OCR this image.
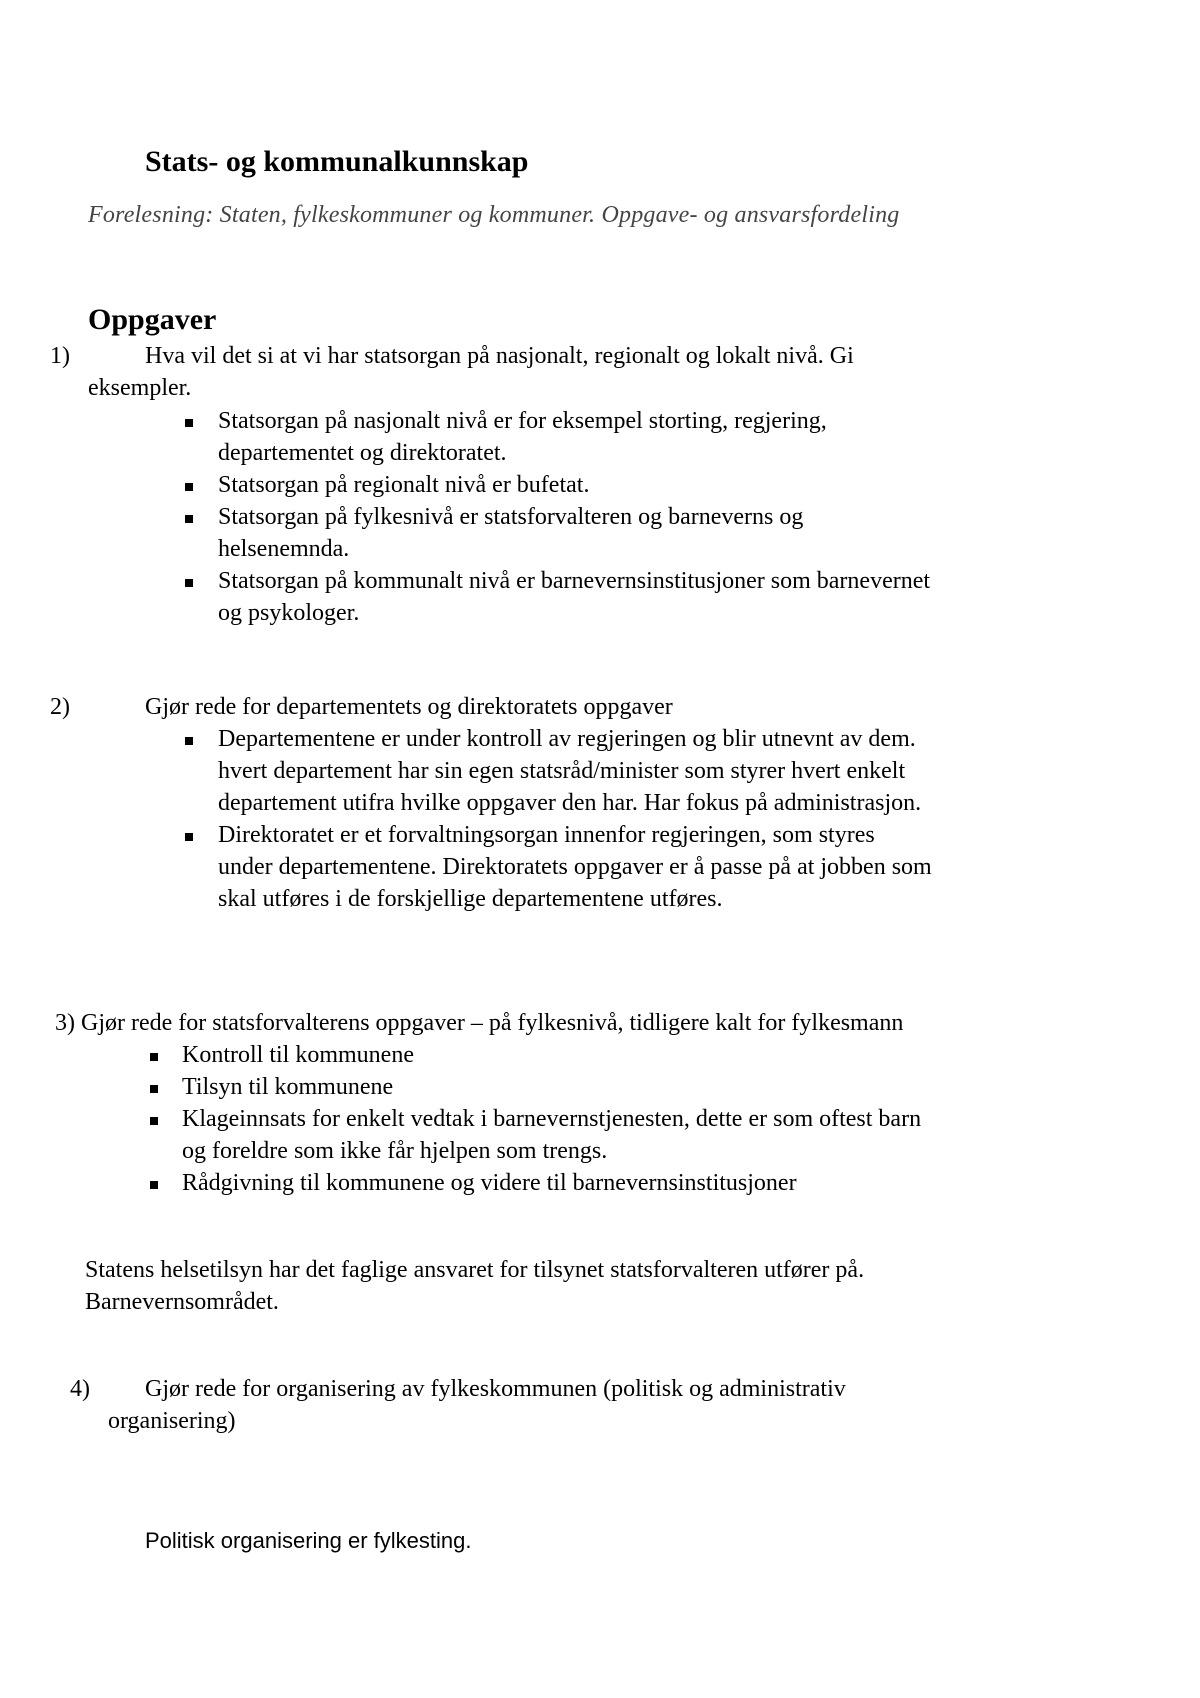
Stats- og kommunalkunnskap
Forelesning: Staten, fylkeskommuner og kommuner. Oppgave- og ansvarsfordeling
Oppgaver
1)	Hva vil det si at vi har statsorgan på nasjonalt, regionalt og lokalt nivå. Gi
eksempler.
Statsorgan på nasjonalt nivå er for eksempel storting, regjering,
departementet og direktoratet.
Statsorgan på regionalt nivå er bufetat.
Statsorgan på fylkesnivå er statsforvalteren og barneverns og
helsenemnda.
Statsorgan på kommunalt nivå er barnevernsinstitusjoner som barnevernet
og psykologer.
2)	Gjør rede for departementets og direktoratets oppgaver
Departementene er under kontroll av regjeringen og blir utnevnt av dem.
hvert departement har sin egen statsråd/minister som styrer hvert enkelt
departement utifra hvilke oppgaver den har. Har fokus på administrasjon.
Direktoratet er et forvaltningsorgan innenfor regjeringen, som styres
under departementene. Direktoratets oppgaver er å passe på at jobben som
skal utføres i de forskjellige departementene utføres.
3) Gjør rede for statsforvalterens oppgaver – på fylkesnivå, tidligere kalt for fylkesmann
Kontroll til kommunene
Tilsyn til kommunene
Klageinnsats for enkelt vedtak i barnevernstjenesten, dette er som oftest barn
og foreldre som ikke får hjelpen som trengs.
Rådgivning til kommunene og videre til barnevernsinstitusjoner
Statens helsetilsyn har det faglige ansvaret for tilsynet statsforvalteren utfører på.
Barnevernsområdet.
4) Gjør rede for organisering av fylkeskommunen (politisk og administrativ
organisering)
Politisk organisering er fylkesting.
